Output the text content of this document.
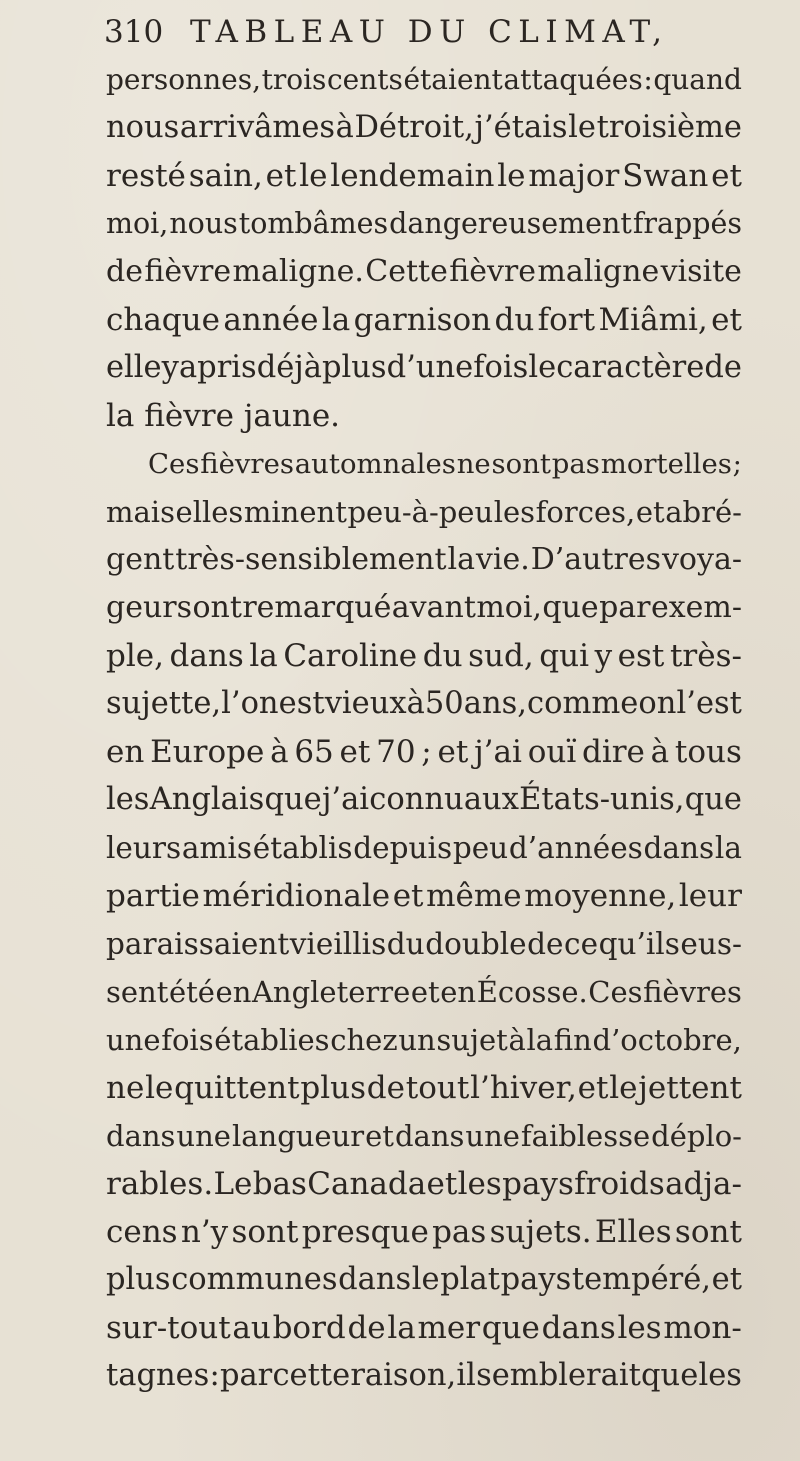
310 TABLEAU DU CLIMAT,
personnes, trois cents étaient attaquées : quand
nous arrivâmes à Détroit, j’étais le troisième
resté sain, et le lendemain le major Swan et
moi, nous tombâmes dangereusement frappés
de fièvre maligne. Cette fièvre maligne visite
chaque année la garnison du fort Miâmi, et
elle y a pris déjà plus d’une fois le caractère de
la fièvre jaune.
Ces fièvres automnales ne sont pas mortelles ;
mais elles minent peu-à-peu les forces, et abré-
gent très-sensiblement la vie. D’autres voya-
geurs ont remarqué avant moi, que par exem-
ple, dans la Caroline du sud, qui y est très-
sujette, l’on est vieux à 50 ans, comme on l’est
en Europe à 65 et 70 ; et j’ai ouï dire à tous
les Anglais que j’ai connu aux États-unis, que
leurs amis établis depuis peu d’années dans la
partie méridionale et même moyenne, leur
paraissaient vieillis du double de ce qu’ils eus-
sent été en Angleterre et en Écosse. Ces fièvres
une fois établies chez un sujet à la fin d’octobre,
ne le quittent plus de tout l’hiver, et le jettent
dans une langueur et dans une faiblesse déplo-
rables. Le bas Canada et les pays froids adja-
cens n’y sont presque pas sujets. Elles sont
plus communes dans le plat pays tempéré, et
sur-tout au bord de la mer que dans les mon-
tagnes : par cette raison, il semblerait que les
